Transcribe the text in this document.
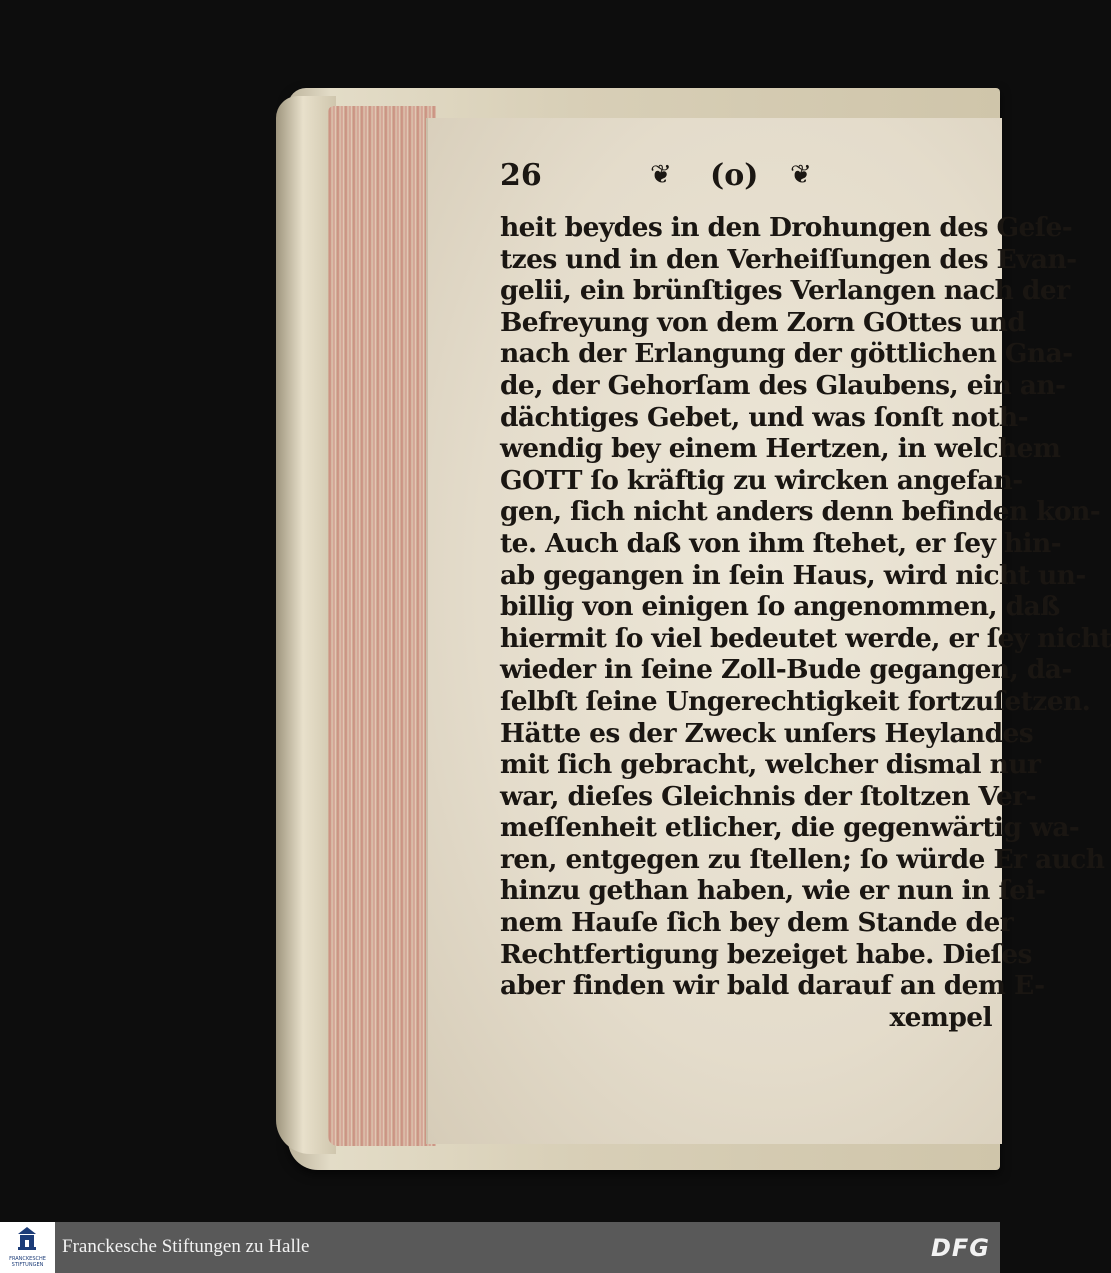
26	❦ (o) ❦
heit beydes in den Drohungen des Geſe-
tzes und in den Verheiſſungen des Evan-
gelii, ein brünſtiges Verlangen nach der
Befreyung von dem Zorn GOttes und
nach der Erlangung der göttlichen Gna-
de, der Gehorſam des Glaubens, ein an-
dächtiges Gebet, und was ſonſt noth-
wendig bey einem Hertzen, in welchem
GOTT ſo kräftig zu wircken angefan-
gen, ſich nicht anders denn befinden kon-
te. Auch daß von ihm ſtehet, er ſey hin-
ab gegangen in ſein Haus, wird nicht un-
billig von einigen ſo angenommen, daß
hiermit ſo viel bedeutet werde, er ſey nicht
wieder in ſeine Zoll-Bude gegangen, da-
ſelbſt ſeine Ungerechtigkeit fortzuſetzen.
Hätte es der Zweck unſers Heylandes
mit ſich gebracht, welcher dismal nur
war, dieſes Gleichnis der ſtoltzen Ver-
meſſenheit etlicher, die gegenwärtig wa-
ren, entgegen zu ſtellen; ſo würde Er auch
hinzu gethan haben, wie er nun in ſei-
nem Hauſe ſich bey dem Stande der
Rechtfertigung bezeiget habe. Dieſes
aber finden wir bald darauf an dem E-
xempel
FRANCKESCHE
STIFTUNGEN
Franckesche Stiftungen zu Halle	DFG
